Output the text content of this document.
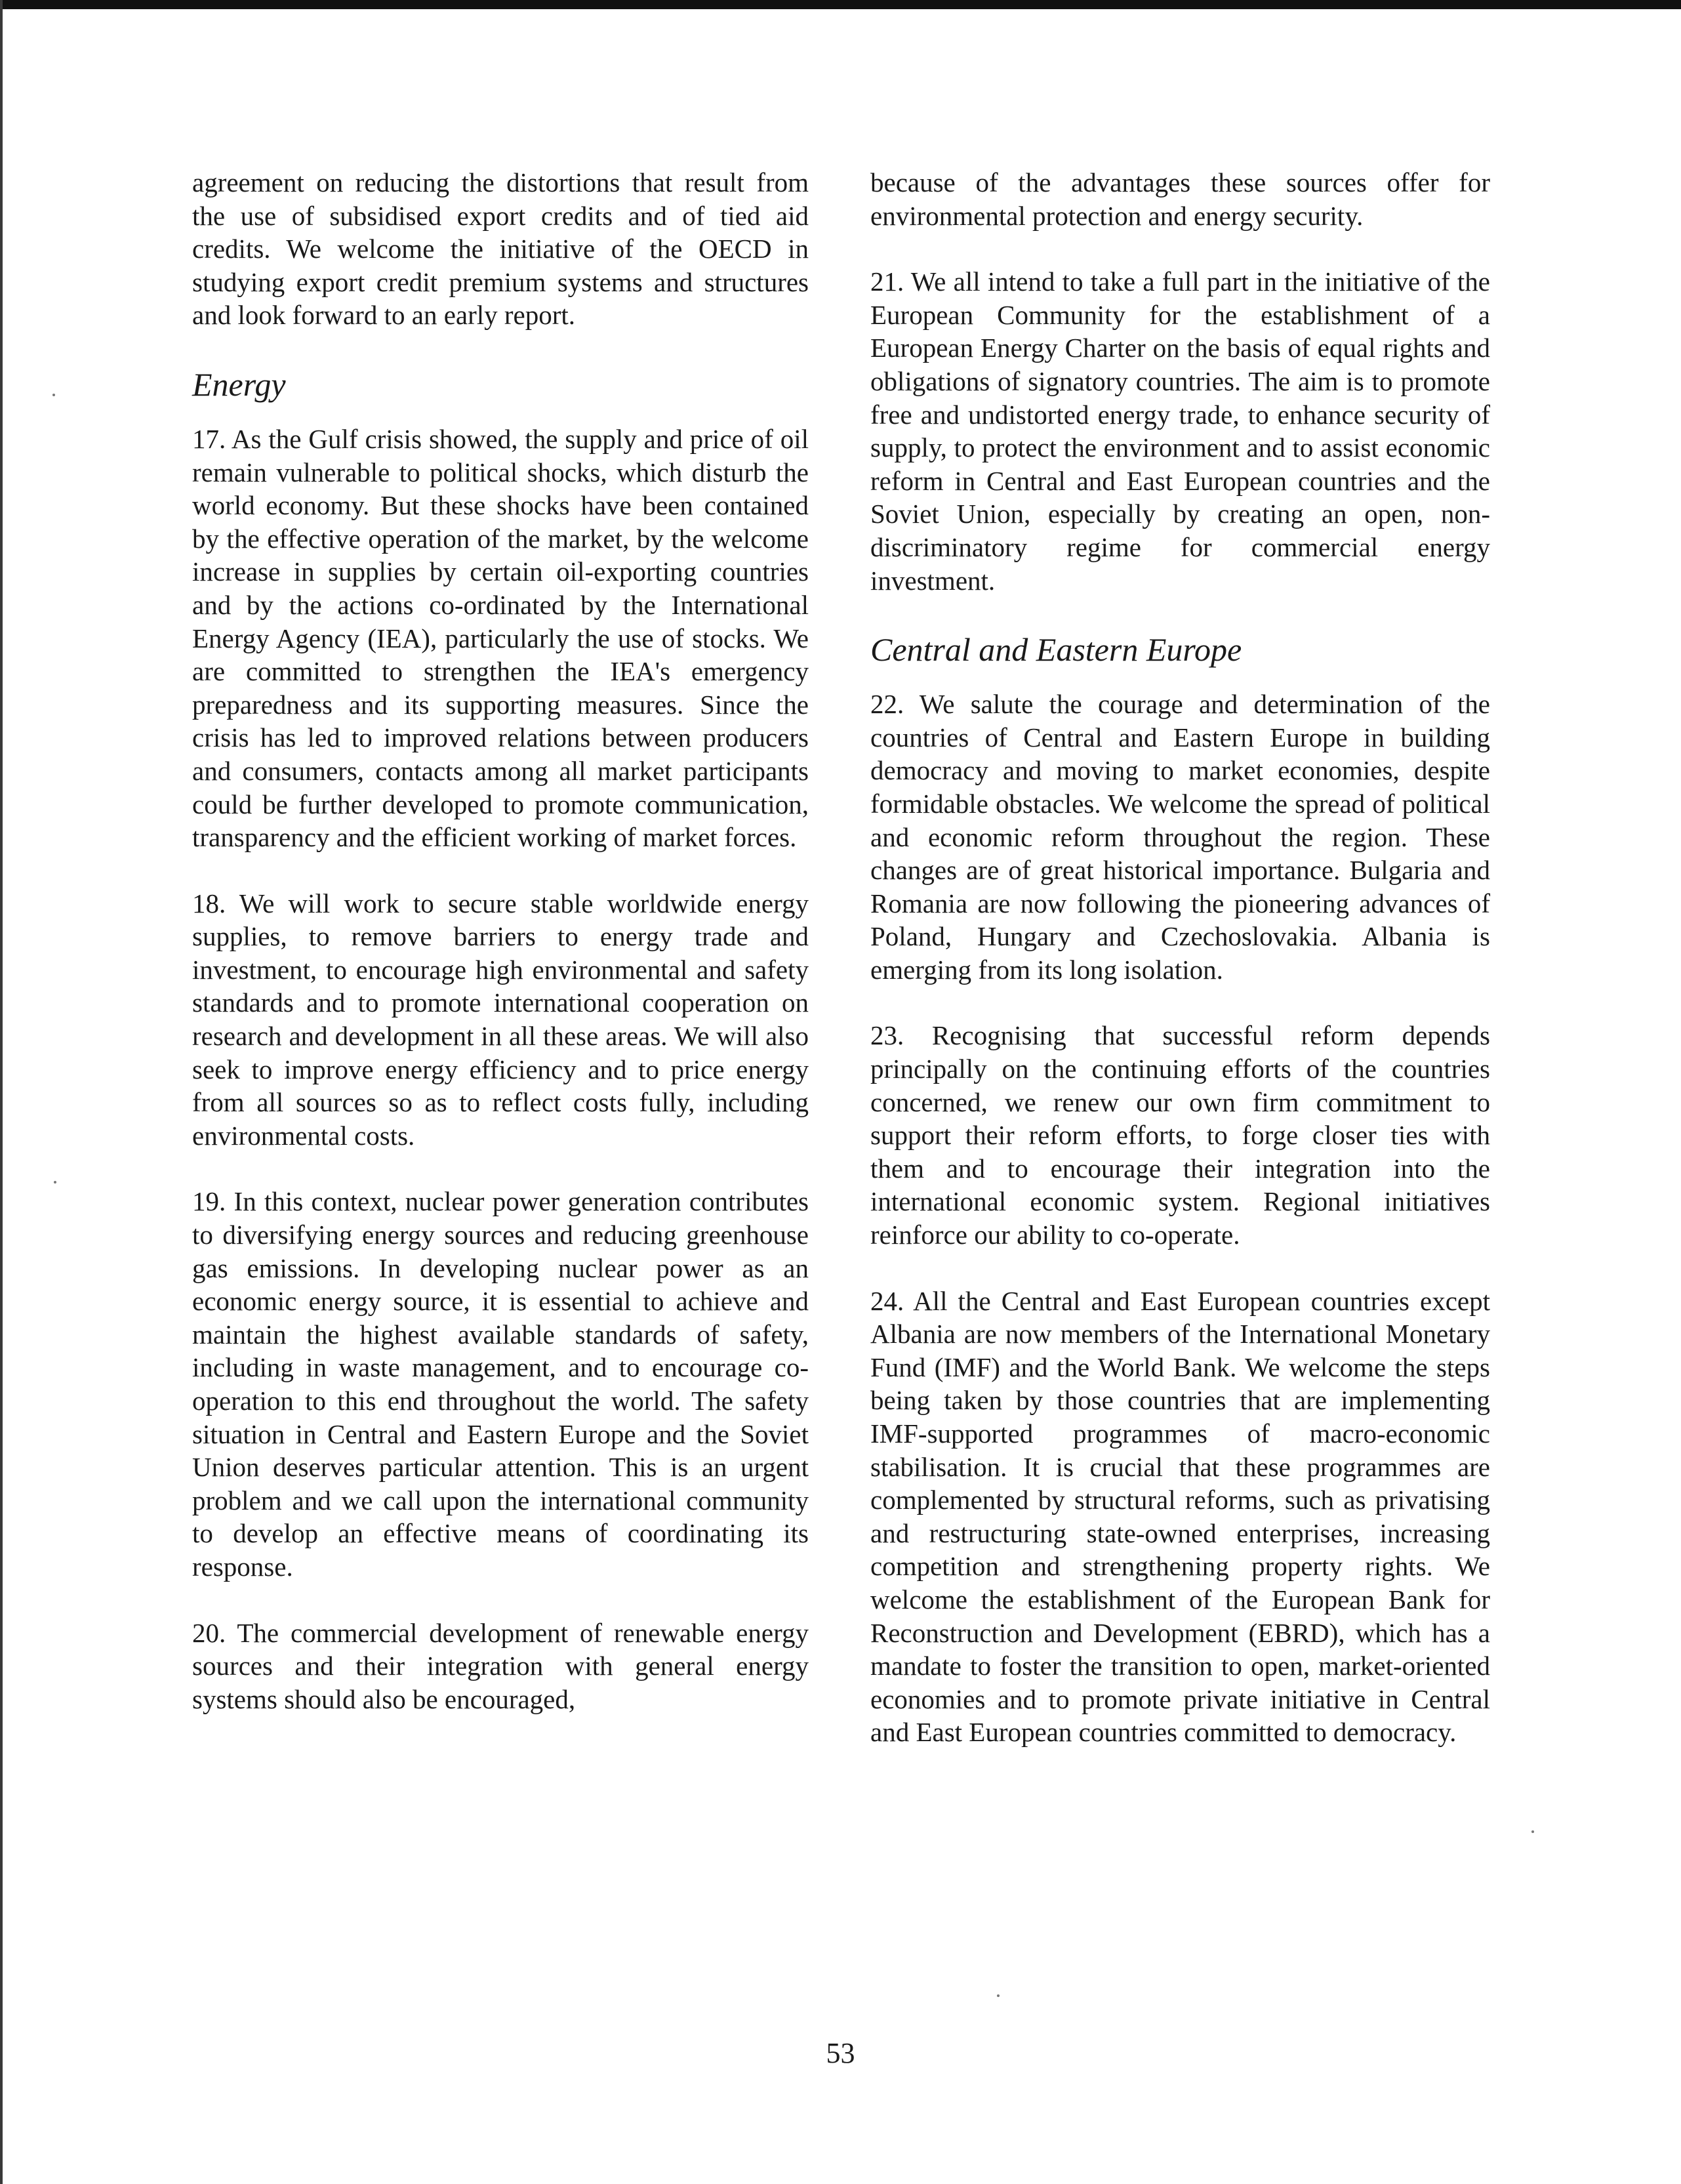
agreement on reducing the distortions that result from the use of subsidised export credits and of tied aid credits. We welcome the initiative of the OECD in studying export credit premium systems and structures and look forward to an early report.

Energy

17. As the Gulf crisis showed, the supply and price of oil remain vulnerable to political shocks, which disturb the world economy. But these shocks have been contained by the effective operation of the market, by the welcome increase in supplies by certain oil-exporting countries and by the actions co-ordinated by the International Energy Agency (IEA), particularly the use of stocks. We are committed to strengthen the IEA's emergency preparedness and its supporting measures. Since the crisis has led to improved relations between producers and consumers, contacts among all market participants could be further developed to promote communication, transparency and the efficient working of market forces.

18. We will work to secure stable worldwide energy supplies, to remove barriers to energy trade and investment, to encourage high environmental and safety standards and to promote international cooperation on research and development in all these areas. We will also seek to improve energy efficiency and to price energy from all sources so as to reflect costs fully, including environmental costs.

19. In this context, nuclear power generation contributes to diversifying energy sources and reducing greenhouse gas emissions. In developing nuclear power as an economic energy source, it is essential to achieve and maintain the highest available standards of safety, including in waste management, and to encourage co-operation to this end throughout the world. The safety situation in Central and Eastern Europe and the Soviet Union deserves particular attention. This is an urgent problem and we call upon the international community to develop an effective means of coordinating its response.

20. The commercial development of renewable energy sources and their integration with general energy systems should also be encouraged,

because of the advantages these sources offer for environmental protection and energy security.

21. We all intend to take a full part in the initiative of the European Community for the establishment of a European Energy Charter on the basis of equal rights and obligations of signatory countries. The aim is to promote free and undistorted energy trade, to enhance security of supply, to protect the environment and to assist economic reform in Central and East European countries and the Soviet Union, especially by creating an open, non-discriminatory regime for commercial energy investment.

Central and Eastern Europe

22. We salute the courage and determination of the countries of Central and Eastern Europe in building democracy and moving to market economies, despite formidable obstacles. We welcome the spread of political and economic reform throughout the region. These changes are of great historical importance. Bulgaria and Romania are now following the pioneering advances of Poland, Hungary and Czechoslovakia. Albania is emerging from its long isolation.

23. Recognising that successful reform depends principally on the continuing efforts of the countries concerned, we renew our own firm commitment to support their reform efforts, to forge closer ties with them and to encourage their integration into the international economic system. Regional initiatives reinforce our ability to co-operate.

24. All the Central and East European countries except Albania are now members of the International Monetary Fund (IMF) and the World Bank. We welcome the steps being taken by those countries that are implementing IMF-supported programmes of macro-economic stabilisation. It is crucial that these programmes are complemented by structural reforms, such as privatising and restructuring state-owned enterprises, increasing competition and strengthening property rights. We welcome the establishment of the European Bank for Reconstruction and Development (EBRD), which has a mandate to foster the transition to open, market-oriented economies and to promote private initiative in Central and East European countries committed to democracy.

53
